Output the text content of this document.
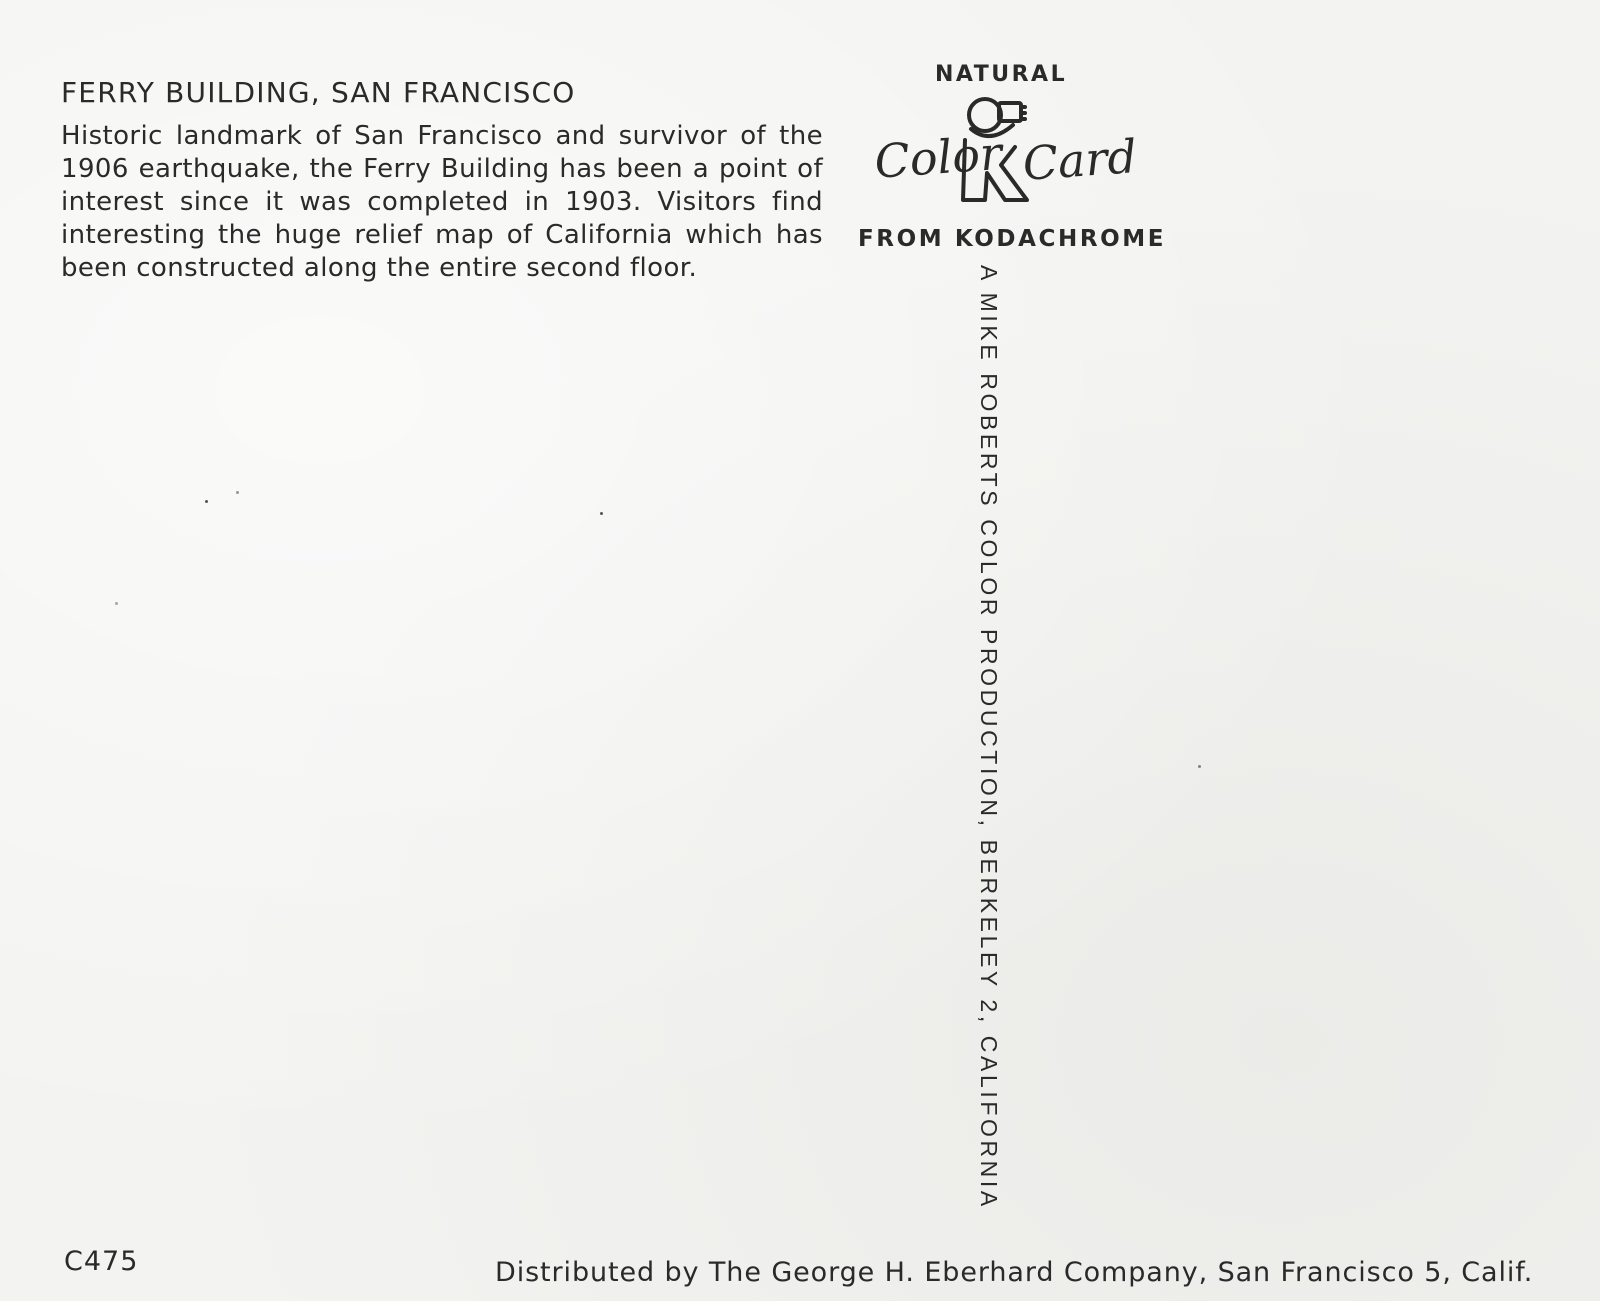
FERRY BUILDING, SAN FRANCISCO
Historic landmark of San Francisco and survivor of the 1906 earthquake, the Ferry Building has been a point of interest since it was completed in 1903. Visitors find interesting the huge relief map of California which has been constructed along the entire second floor.
NATURAL
Color Card
FROM KODACHROME
A MIKE ROBERTS COLOR PRODUCTION, BERKELEY 2, CALIFORNIA
C475	Distributed by The George H. Eberhard Company, San Francisco 5, Calif.
